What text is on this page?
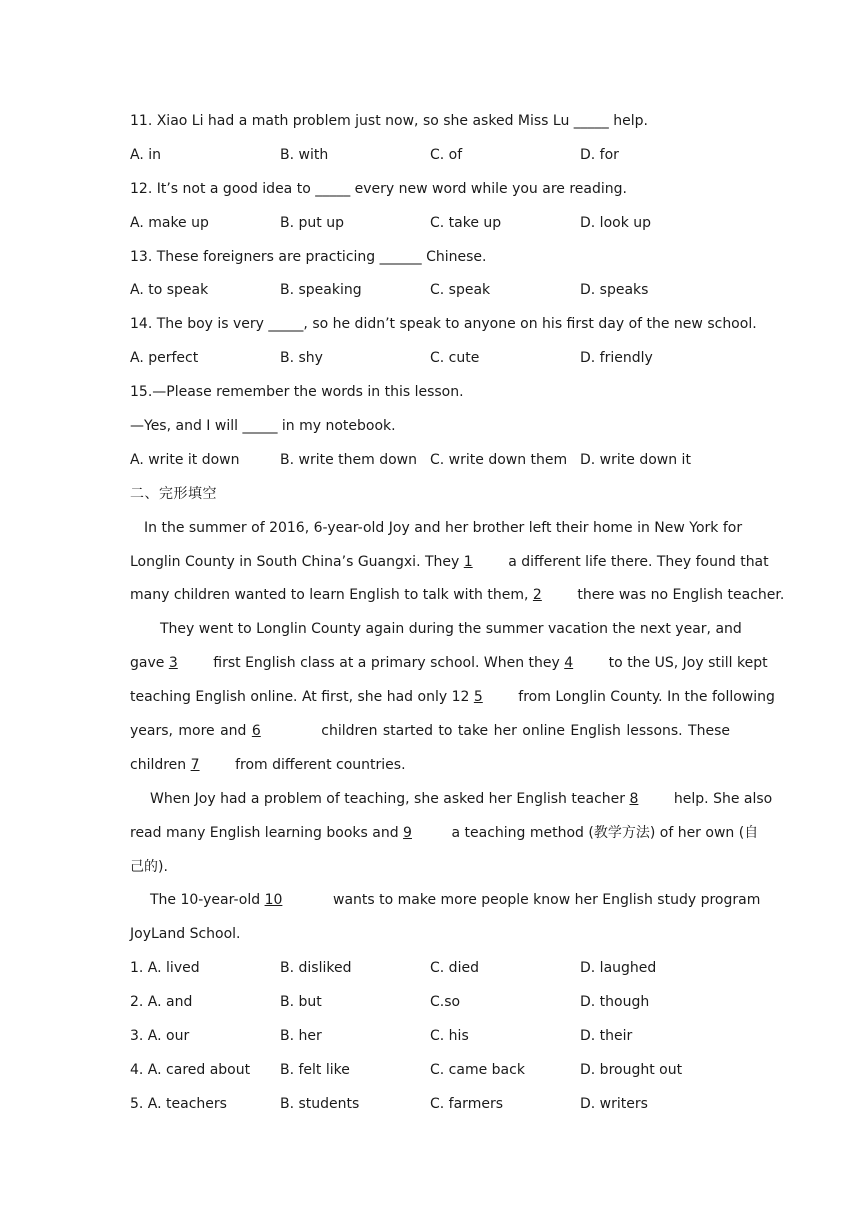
11. Xiao Li had a math problem just now, so she asked Miss Lu _____ help.
A. in	B. with	C. of	D. for
12. It’s not a good idea to _____ every new word while you are reading.
A. make up	B. put up	C. take up	D. look up
13. These foreigners are practicing ______ Chinese.
A. to speak	B. speaking	C. speak	D. speaks
14. The boy is very _____, so he didn’t speak to anyone on his first day of the new school.
A. perfect	B. shy	C. cute	D. friendly
15.—Please remember the words in this lesson.
—Yes, and I will _____ in my notebook.
A. write it down	B. write them down C. write down them D. write down it
二、完形填空
In the summer of 2016, 6-year-old Joy and her brother left their home in New York for
Longlin County in South China’s Guangxi. They 1 a different life there. They found that
many children wanted to learn English to talk with them, 2 there was no English teacher.
They went to Longlin County again during the summer vacation the next year, and
gave 3 first English class at a primary school. When they 4 to the US, Joy still kept
teaching English online. At first, she had only 12 5 from Longlin County. In the following
years, more and 6	children started to take her online English lessons. These
children 7 from different countries.
When Joy had a problem of teaching, she asked her English teacher 8 help. She also
read many English learning books and 9	a teaching method (教学方法) of her own (自
己的).
The 10-year-old 10	wants to make more people know her English study program
JoyLand School.
1. A. lived	B. disliked	C. died	D. laughed
2. A. and	B. but	C.so	D. though
3. A. our	B. her	C. his	D. their
4. A. cared about	B. felt like	C. came back	D. brought out
5. A. teachers	B. students	C. farmers	D. writers
